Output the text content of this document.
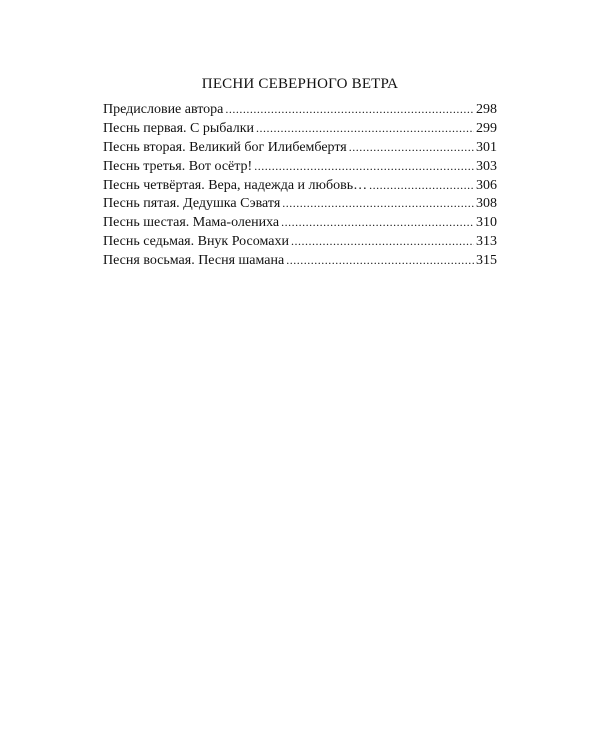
ПЕСНИ СЕВЕРНОГО ВЕТРА
Предисловие автора .....	298
Песнь первая. С рыбалки .....	299
Песнь вторая. Великий бог Илибембертя .....	301
Песнь третья. Вот осётр! .....	303
Песнь четвёртая. Вера, надежда и любовь… .....	306
Песнь пятая. Дедушка Сэватя .....	308
Песнь шестая. Мама-олениха .....	310
Песнь седьмая. Внук Росомахи .....	313
Песня восьмая. Песня шамана .....	315
